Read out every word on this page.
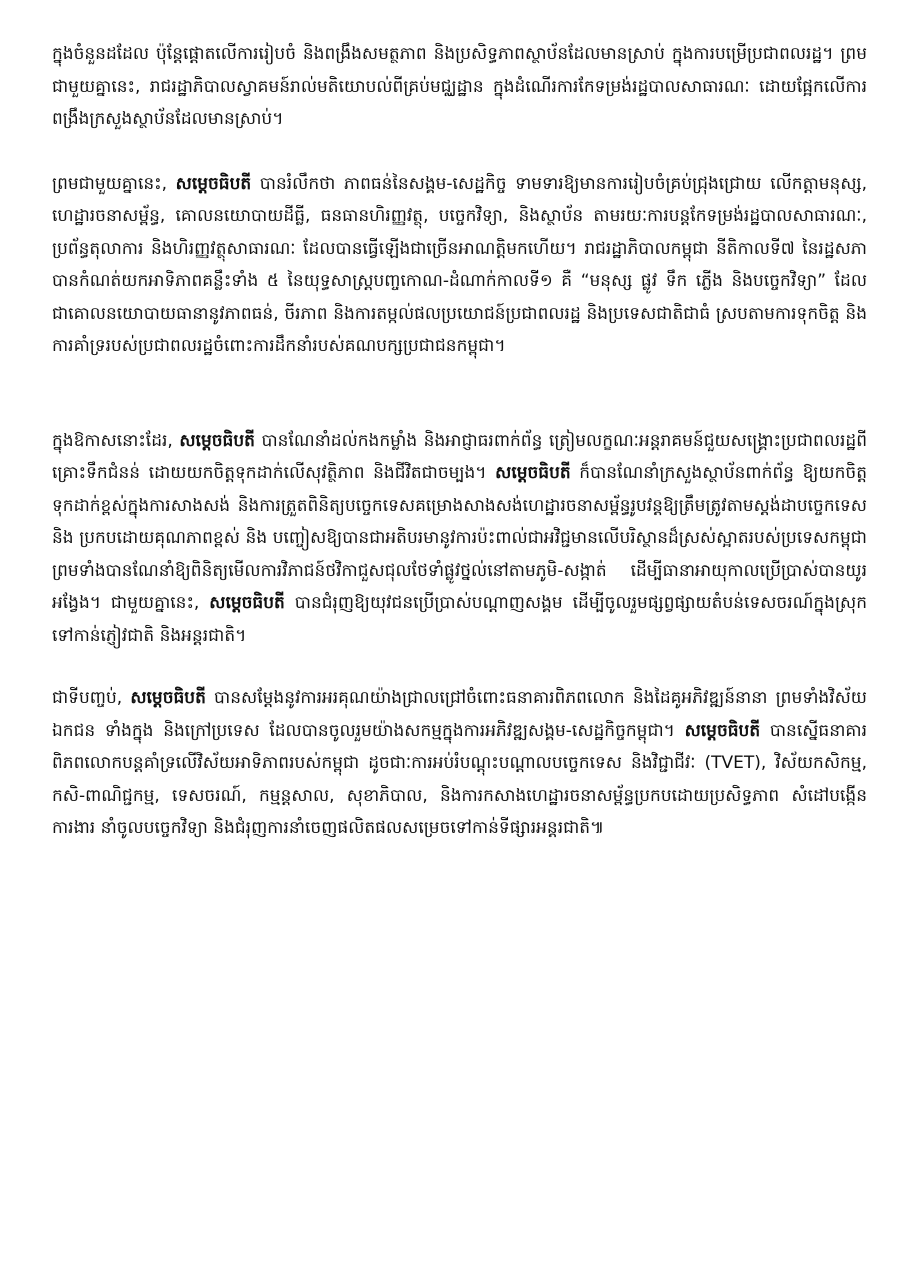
ក្នុងចំនួនដដែល ប៉ុន្តែផ្តោតលើការរៀបចំ និងពង្រឹងសមត្ថភាព និងប្រសិទ្ធភាពស្ថាប័នដែលមានស្រាប់ ក្នុងការបម្រើប្រជាពលរដ្ឋ។ ព្រមជាមួយគ្នានេះ, រាជរដ្ឋាភិបាលស្វាគមន៍រាល់មតិយោបល់ពីគ្រប់មជ្ឈដ្ឋាន ក្នុងដំណើរការកែទម្រង់រដ្ឋបាលសាធារណៈ ដោយផ្អែកលើការពង្រឹងក្រសួងស្ថាប័នដែលមានស្រាប់។

ព្រមជាមួយគ្នានេះ, សម្តេចធិបតី បានរំលឹកថា ភាពធន់នៃសង្គម-សេដ្ឋកិច្ច ទាមទារឱ្យមានការរៀបចំគ្រប់ជ្រុងជ្រោយ លើកត្តាមនុស្ស, ហេដ្ឋារចនាសម្ព័ន្ធ, គោលនយោបាយដីធ្លី, ធនធានហិរញ្ញវត្ថុ, បច្ចេកវិទ្យា, និងស្ថាប័ន តាមរយៈការបន្តកែទម្រង់រដ្ឋបាលសាធារណៈ, ប្រព័ន្ធតុលាការ និងហិរញ្ញវត្ថុសាធារណៈ ដែលបានធ្វើឡើងជាច្រើនអាណត្តិមកហើយ។ រាជរដ្ឋាភិបាលកម្ពុជា នីតិកាលទី៧ នៃរដ្ឋសភា បានកំណត់យកអាទិភាពគន្លឹះទាំង ៥ នៃយុទ្ធសាស្ត្របញ្ចកោណ-ដំណាក់កាលទី១ គឺ “មនុស្ស ផ្លូវ ទឹក ភ្លើង និងបច្ចេកវិទ្យា” ដែលជាគោលនយោបាយធានានូវភាពធន់, ចីរភាព និងការតម្កល់ផលប្រយោជន៍ប្រជាពលរដ្ឋ និងប្រទេសជាតិជាធំ ស្របតាមការទុកចិត្ត និងការគាំទ្ររបស់ប្រជាពលរដ្ឋចំពោះការដឹកនាំរបស់គណបក្សប្រជាជនកម្ពុជា។

ក្នុងឱកាសនោះដែរ, សម្តេចធិបតី បានណែនាំដល់កងកម្លាំង និងអាជ្ញាធរពាក់ព័ន្ធ ត្រៀមលក្ខណៈអន្តរាគមន៍ជួយសង្គ្រោះប្រជាពលរដ្ឋពីគ្រោះទឹកជំនន់ ដោយយកចិត្តទុកដាក់លើសុវត្ថិភាព និងជីវិតជាចម្បង។ សម្តេចធិបតី ក៏បានណែនាំក្រសួងស្ថាប័នពាក់ព័ន្ធ ឱ្យយកចិត្តទុកដាក់ខ្ពស់ក្នុងការសាងសង់ និងការត្រួតពិនិត្យបច្ចេកទេសគម្រោងសាងសង់ហេដ្ឋារចនាសម្ព័ន្ធរូបវន្តឱ្យត្រឹមត្រូវតាមស្តង់ដាបច្ចេកទេស និង ប្រកបដោយគុណភាពខ្ពស់ និង បញ្ចៀសឱ្យបានជាអតិបរមានូវការប៉ះពាល់ជាអវិជ្ជមានលើបរិស្ថានដ៏ស្រស់ស្អាតរបស់ប្រទេសកម្ពុជា ព្រមទាំងបានណែនាំឱ្យពិនិត្យមើលការវិភាជន៍ថវិកាជួសជុលថែទាំផ្លូវថ្នល់នៅតាមភូមិ-សង្កាត់ ដើម្បីធានាអាយុកាលប្រើប្រាស់បានយូរអង្វែង។ ជាមួយគ្នានេះ, សម្តេចធិបតី បានជំរុញឱ្យយុវជនប្រើប្រាស់បណ្តាញសង្គម ដើម្បីចូលរួមផ្សព្វផ្សាយតំបន់ទេសចរណ៍ក្នុងស្រុក ទៅកាន់ភ្ញៀវជាតិ និងអន្តរជាតិ។

ជាទីបញ្ចប់, សម្តេចធិបតី បានសម្តែងនូវការអរគុណយ៉ាងជ្រាលជ្រៅចំពោះធនាគារពិភពលោក និងដៃគូអភិវឌ្ឍន៍នានា ព្រមទាំងវិស័យឯកជន ទាំងក្នុង និងក្រៅប្រទេស ដែលបានចូលរួមយ៉ាងសកម្មក្នុងការអភិវឌ្ឍសង្គម-សេដ្ឋកិច្ចកម្ពុជា។ សម្តេចធិបតី បានស្នើធនាគារពិភពលោកបន្តគាំទ្រលើវិស័យអាទិភាពរបស់កម្ពុជា ដូចជាៈការអប់រំបណ្តុះបណ្តាលបច្ចេកទេស និងវិជ្ជាជីវៈ (TVET), វិស័យកសិកម្ម, កសិ-ពាណិជ្ជកម្ម, ទេសចរណ៍, កម្មន្តសាល, សុខាភិបាល, និងការកសាងហេដ្ឋារចនាសម្ព័ន្ធប្រកបដោយប្រសិទ្ធភាព សំដៅបង្កើនការងារ នាំចូលបច្ចេកវិទ្យា និងជំរុញការនាំចេញផលិតផលសម្រេចទៅកាន់ទីផ្សារអន្តរជាតិ៕
